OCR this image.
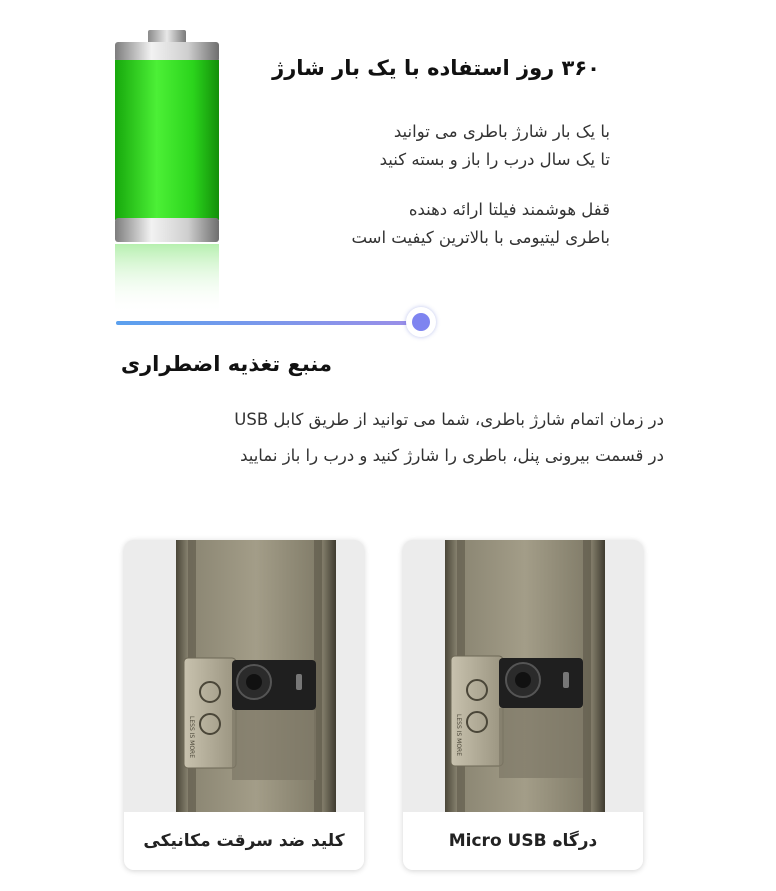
۳۶۰ روز استفاده با یک بار شارژ
با یک بار شارژ باطری می توانید
تا یک سال درب را باز و بسته کنید
قفل هوشمند فیلتا ارائه دهنده
باطری لیتیومی با بالاترین کیفیت است
منبع تغذیه اضطراری
در زمان اتمام شارژ باطری، شما می توانید از طریق کابل USB
در قسمت بیرونی پنل، باطری را شارژ کنید و درب را باز نمایید
LESS IS MORE
کلید ضد سرقت مکانیکی
LESS IS MORE
درگاه Micro USB
